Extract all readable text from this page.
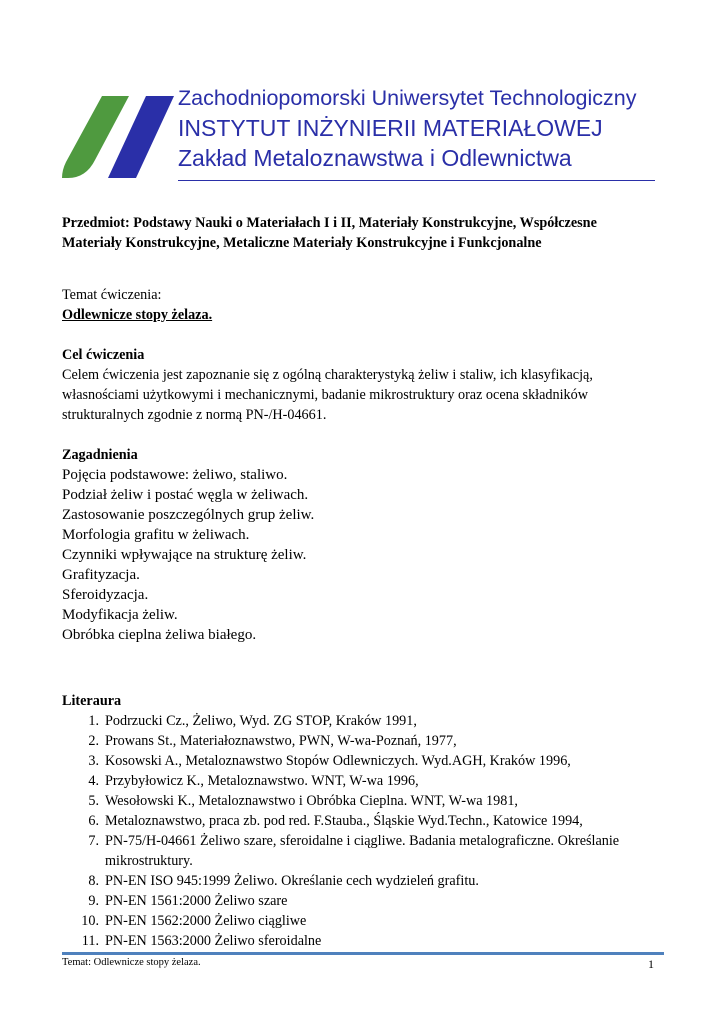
Zachodniopomorski Uniwersytet Technologiczny
INSTYTUT INŻYNIERII MATERIAŁOWEJ
Zakład Metaloznawstwa i Odlewnictwa
Przedmiot: Podstawy Nauki o Materiałach I i II, Materiały Konstrukcyjne, Współczesne
Materiały Konstrukcyjne, Metaliczne Materiały Konstrukcyjne i Funkcjonalne
Temat ćwiczenia:
Odlewnicze stopy żelaza.
Cel ćwiczenia
Celem ćwiczenia jest zapoznanie się z ogólną charakterystyką żeliw i staliw, ich klasyfikacją,
własnościami użytkowymi i mechanicznymi, badanie mikrostruktury oraz ocena składników
strukturalnych zgodnie z normą PN-/H-04661.
Zagadnienia
Pojęcia podstawowe: żeliwo, staliwo.
Podział żeliw i postać węgla w żeliwach.
Zastosowanie poszczególnych grup żeliw.
Morfologia grafitu w żeliwach.
Czynniki wpływające na strukturę żeliw.
Grafityzacja.
Sferoidyzacja.
Modyfikacja żeliw.
Obróbka cieplna żeliwa białego.
Literaura
1. Podrzucki Cz., Żeliwo, Wyd. ZG STOP, Kraków 1991,
2. Prowans St., Materiałoznawstwo, PWN, W-wa-Poznań, 1977,
3. Kosowski A., Metaloznawstwo Stopów Odlewniczych. Wyd.AGH, Kraków 1996,
4. Przybyłowicz K., Metaloznawstwo. WNT, W-wa 1996,
5. Wesołowski K., Metaloznawstwo i Obróbka Cieplna. WNT, W-wa 1981,
6. Metaloznawstwo, praca zb. pod red. F.Stauba., Śląskie Wyd.Techn., Katowice 1994,
7. PN-75/H-04661 Żeliwo szare, sferoidalne i ciągliwe. Badania metalograficzne. Określanie
mikrostruktury.
8. PN-EN ISO 945:1999 Żeliwo. Określanie cech wydzieleń grafitu.
9. PN-EN 1561:2000 Żeliwo szare
10. PN-EN 1562:2000 Żeliwo ciągliwe
11. PN-EN 1563:2000 Żeliwo sferoidalne
Temat: Odlewnicze stopy żelaza.	1
